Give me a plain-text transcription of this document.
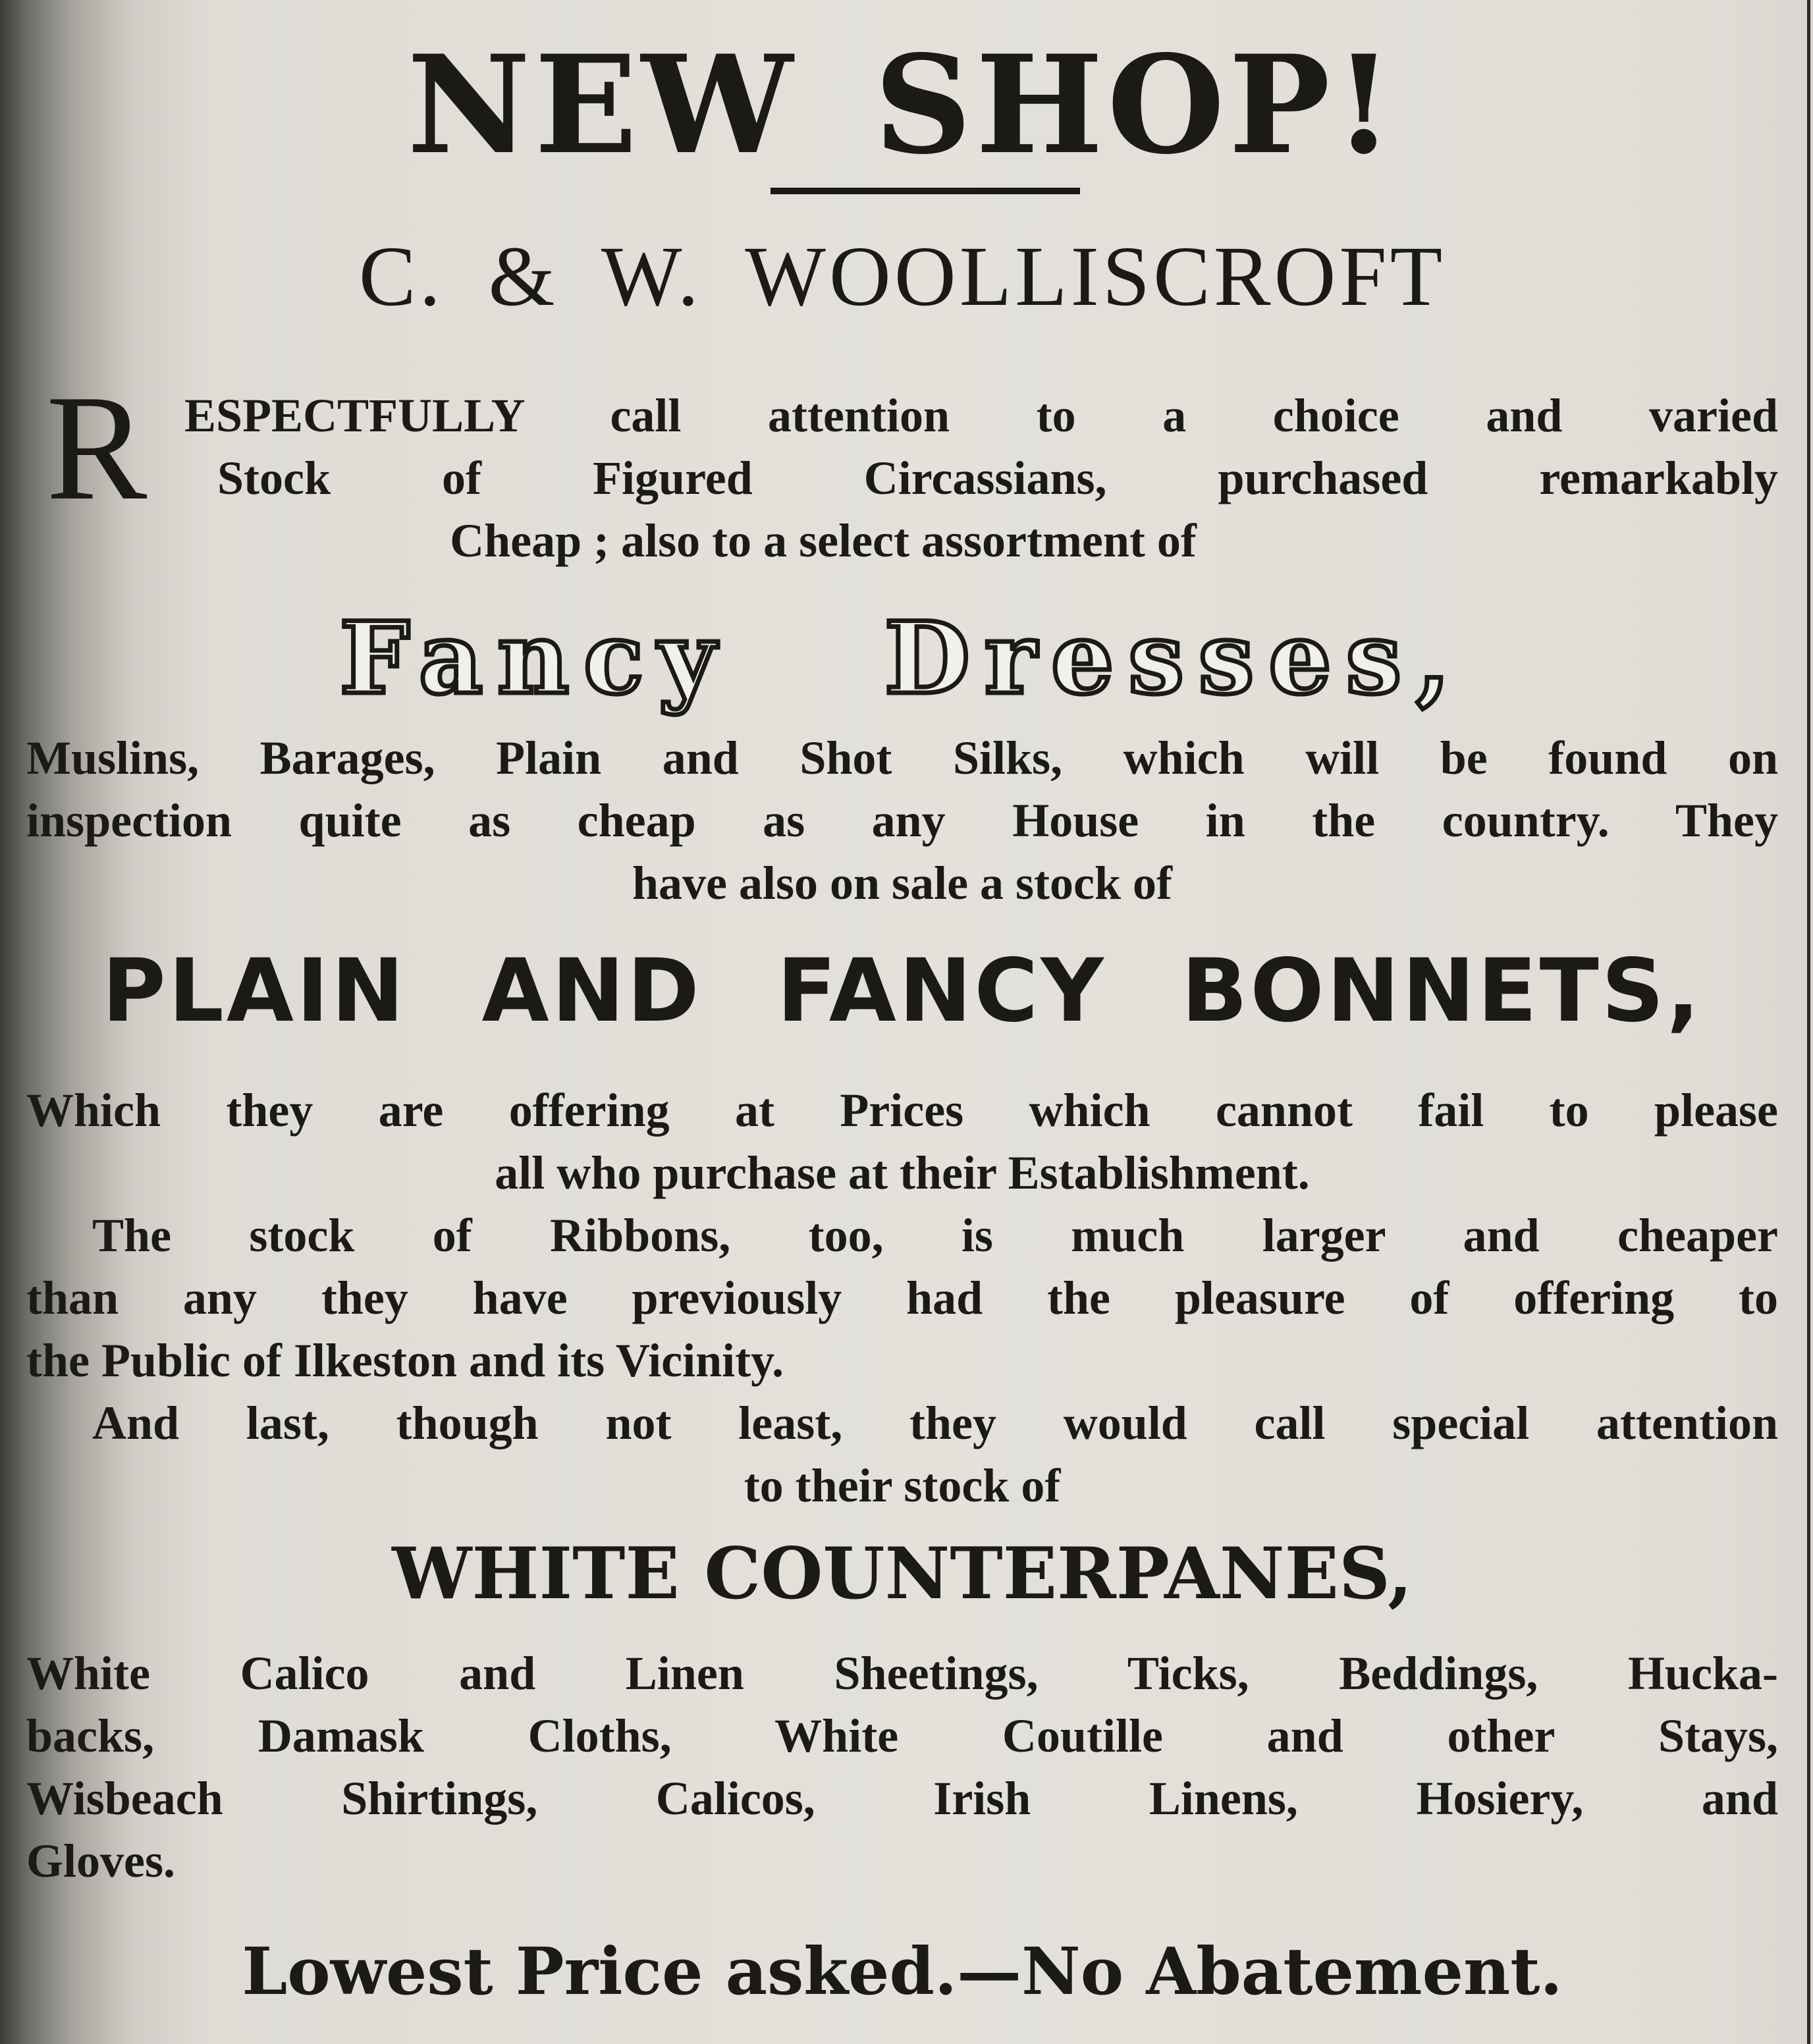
NEW SHOP!
C. & W. WOOLLISCROFT
R ESPECTFULLY call attention to a choice and varied
Stock of Figured Circassians, purchased remarkably
Cheap ; also to a select assortment of
Fancy Dresses,
Muslins, Barages, Plain and Shot Silks, which will be found on
inspection quite as cheap as any House in the country. They
have also on sale a stock of
PLAIN AND FANCY BONNETS,
Which they are offering at Prices which cannot fail to please
all who purchase at their Establishment.
The stock of Ribbons, too, is much larger and cheaper
than any they have previously had the pleasure of offering to
the Public of Ilkeston and its Vicinity.
And last, though not least, they would call special attention
to their stock of
WHITE COUNTERPANES,
White Calico and Linen Sheetings, Ticks, Beddings, Hucka-
backs, Damask Cloths, White Coutille and other Stays,
Wisbeach Shirtings, Calicos, Irish Linens, Hosiery, and
Gloves.
Lowest Price asked.—No Abatement.
